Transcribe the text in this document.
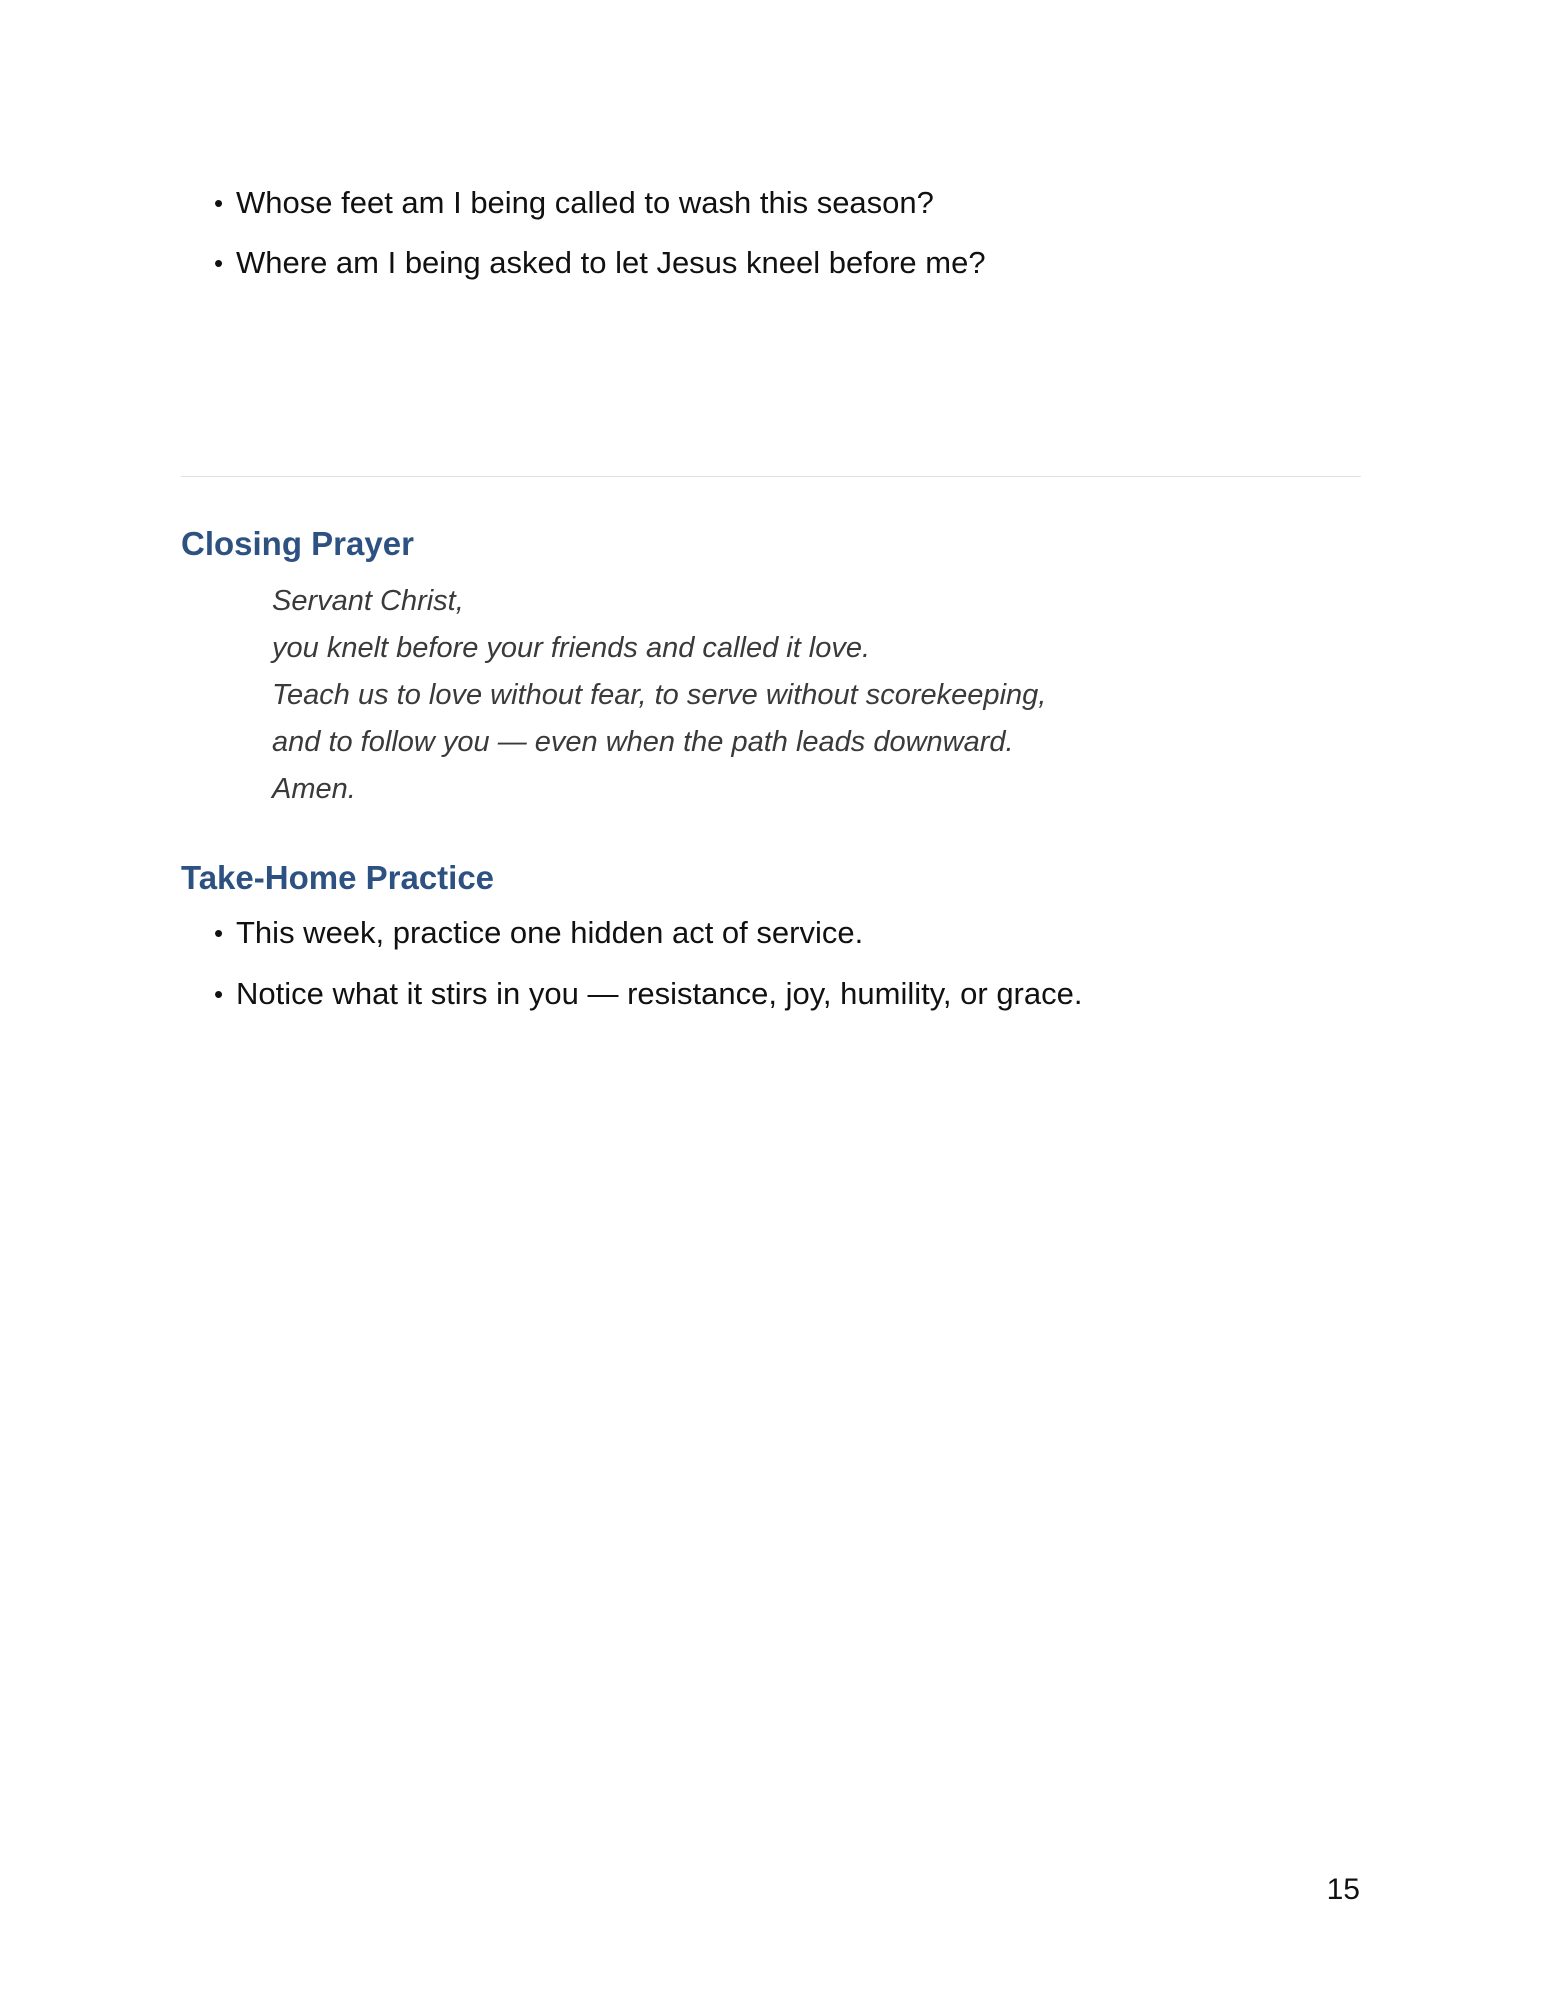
• Whose feet am I being called to wash this season?
• Where am I being asked to let Jesus kneel before me?
Closing Prayer
Servant Christ,
you knelt before your friends and called it love.
Teach us to love without fear, to serve without scorekeeping,
and to follow you — even when the path leads downward.
Amen.
Take-Home Practice
• This week, practice one hidden act of service.
• Notice what it stirs in you — resistance, joy, humility, or grace.
15
